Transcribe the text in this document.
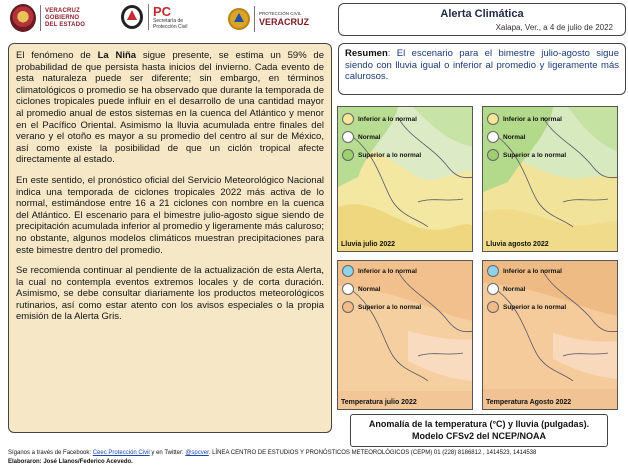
VERACRUZ
GOBIERNO
DEL ESTADO
PC
Secretaría de
Protección Civil
PROTECCIÓN CIVIL
VERACRUZ
Alerta Climática
Xalapa, Ver., a 4 de julio de 2022

El fenómeno de La Niña sigue presente, se estima un 59% de probabilidad de que persista hasta inicios del invierno. Cada evento de esta naturaleza puede ser diferente; sin embargo, en términos climatológicos o promedio se ha observado que durante la temporada de ciclones tropicales puede influir en el desarrollo de una cantidad mayor al promedio anual de estos sistemas en la cuenca del Atlántico y menor en el Pacífico Oriental. Asimismo la lluvia acumulada entre finales del verano y el otoño es mayor a su promedio del centro al sur de México, así como existe la posibilidad de que un ciclón tropical afecte directamente al estado.

En este sentido, el pronóstico oficial del Servicio Meteorológico Nacional indica una temporada de ciclones tropicales 2022 más activa de lo normal, estimándose entre 16 a 21 ciclones con nombre en la cuenca del Atlántico. El escenario para el bimestre julio-agosto sigue siendo de precipitación acumulada inferior al promedio y ligeramente más caluroso; no obstante, algunos modelos climáticos muestran precipitaciones para este bimestre dentro del promedio.

Se recomienda continuar al pendiente de la actualización de esta Alerta, la cual no contempla eventos extremos locales y de corta duración. Asimismo, se debe consultar diariamente los productos meteorológicos rutinarios, así como estar atento con los avisos especiales o la propia emisión de la Alerta Gris.

Resumen: El escenario para el bimestre julio-agosto sigue siendo con lluvia igual o inferior al promedio y ligeramente más calurosos.
Inferior a lo normal
Normal
Superior a lo normal
Lluvia julio 2022
Inferior a lo normal
Normal
Superior a lo normal
Lluvia agosto 2022
Inferior a lo normal
Normal
Superior a lo normal
Temperatura julio 2022
Inferior a lo normal
Normal
Superior a lo normal
Temperatura Agosto 2022
Anomalía de la temperatura (°C) y lluvia (pulgadas).
Modelo CFSv2 del NCEP/NOAA
Síganos a través de Facebook: Ceec Protección Civil y en Twitter: @spcver. LÍNEA CENTRO DE ESTUDIOS Y PRONÓSTICOS METEOROLÓGICOS (CEPM) 01 (228) 8186812 , 1414523, 1414538
Elaboraron: José Llanos/Federico Acevedo.
